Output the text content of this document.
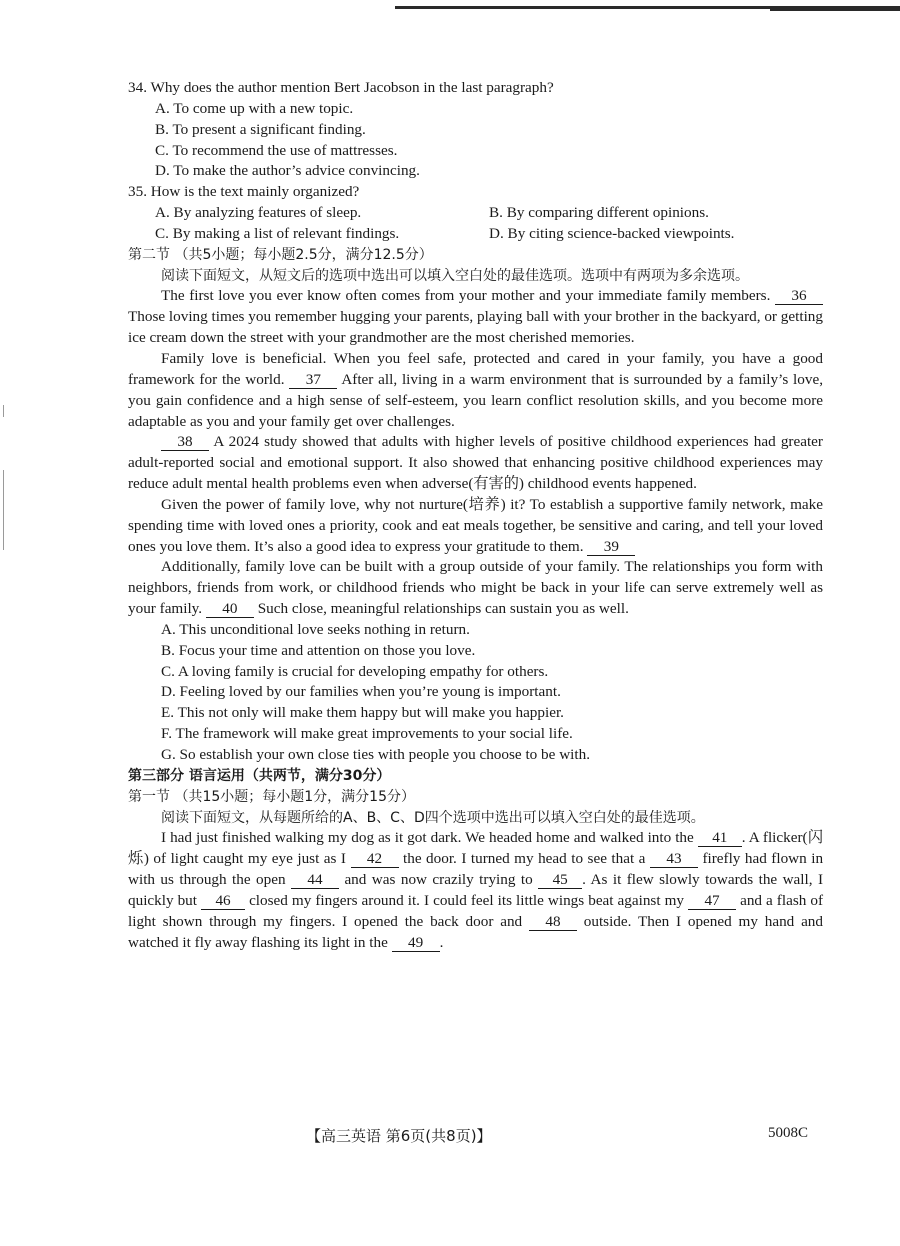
34. Why does the author mention Bert Jacobson in the last paragraph?
A. To come up with a new topic.
B. To present a significant finding.
C. To recommend the use of mattresses.
D. To make the author’s advice convincing.
35. How is the text mainly organized?
A. By analyzing features of sleep.	B. By comparing different opinions.
C. By making a list of relevant findings.	D. By citing science-backed viewpoints.
第二节 （共5小题；每小题2.5分，满分12.5分）
阅读下面短文，从短文后的选项中选出可以填入空白处的最佳选项。选项中有两项为多余选项。

The first love you ever know often comes from your mother and your immediate family members. 36 Those loving times you remember hugging your parents, playing ball with your brother in the backyard, or getting ice cream down the street with your grandmother are the most cherished memories.

Family love is beneficial. When you feel safe, protected and cared in your family, you have a good framework for the world. 37 After all, living in a warm environment that is surrounded by a family’s love, you gain confidence and a high sense of self-esteem, you learn conflict resolution skills, and you become more adaptable as you and your family get over challenges.

38 A 2024 study showed that adults with higher levels of positive childhood experiences had greater adult-reported social and emotional support. It also showed that enhancing positive childhood experiences may reduce adult mental health problems even when adverse(有害的) childhood events happened.

Given the power of family love, why not nurture(培养) it? To establish a supportive family network, make spending time with loved ones a priority, cook and eat meals together, be sensitive and caring, and tell your loved ones you love them. It’s also a good idea to express your gratitude to them. 39

Additionally, family love can be built with a group outside of your family. The relationships you form with neighbors, friends from work, or childhood friends who might be back in your life can serve extremely well as your family. 40 Such close, meaningful relationships can sustain you as well.

A. This unconditional love seeks nothing in return.
B. Focus your time and attention on those you love.
C. A loving family is crucial for developing empathy for others.
D. Feeling loved by our families when you’re young is important.
E. This not only will make them happy but will make you happier.
F. The framework will make great improvements to your social life.
G. So establish your own close ties with people you choose to be with.
第三部分 语言运用（共两节，满分30分）
第一节 （共15小题；每小题1分，满分15分）
阅读下面短文，从每题所给的A、B、C、D四个选项中选出可以填入空白处的最佳选项。

I had just finished walking my dog as it got dark. We headed home and walked into the 41 . A flicker(闪烁) of light caught my eye just as I 42 the door. I turned my head to see that a 43 firefly had flown in with us through the open 44 and was now crazily trying to 45 . As it flew slowly towards the wall, I quickly but 46 closed my fingers around it. I could feel its little wings beat against my 47 and a flash of light shown through my fingers. I opened the back door and 48 outside. Then I opened my hand and watched it fly away flashing its light in the 49 .

【高三英语 第6页(共8页)】	5008C
